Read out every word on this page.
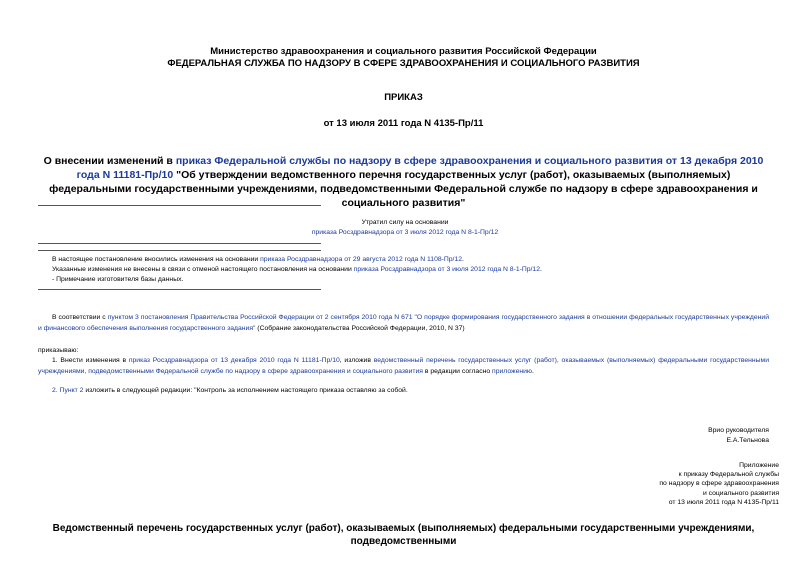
Министерство здравоохранения и социального развития Российской Федерации
ФЕДЕРАЛЬНАЯ СЛУЖБА ПО НАДЗОРУ В СФЕРЕ ЗДРАВООХРАНЕНИЯ И СОЦИАЛЬНОГО РАЗВИТИЯ
ПРИКАЗ
от 13 июля 2011 года N 4135-Пр/11
О внесении изменений в приказ Федеральной службы по надзору в сфере здравоохранения и социального развития от 13 декабря 2010 года N 11181-Пр/10 "Об утверждении ведомственного перечня государственных услуг (работ), оказываемых (выполняемых) федеральными государственными учреждениями, подведомственными Федеральной службе по надзору в сфере здравоохранения и социального развития"
Утратил силу на основании
приказа Росздравнадзора от 3 июля 2012 года N 8-1-Пр/12
В настоящее постановление вносились изменения на основании приказа Росздравнадзора от 29 августа 2012 года N 1108-Пр/12.
Указанные изменения не внесены в связи с отменой настоящего постановления на основании приказа Росздравнадзора от 3 июля 2012 года N 8-1-Пр/12.
- Примечание изготовителя базы данных.
В соответствии с пунктом 3 постановления Правительства Российской Федерации от 2 сентября 2010 года N 671 "О порядке формирования государственного задания в отношении федеральных государственных учреждений и финансового обеспечения выполнения государственного задания" (Собрание законодательства Российской Федерации, 2010, N 37)
приказываю:
1. Внести изменения в приказ Росздравнадзора от 13 декабря 2010 года N 11181-Пр/10, изложив ведомственный перечень государственных услуг (работ), оказываемых (выполняемых) федеральными государственными учреждениями, подведомственными Федеральной службе по надзору в сфере здравоохранения и социального развития в редакции согласно приложению.
2. Пункт 2 изложить в следующей редакции: "Контроль за исполнением настоящего приказа оставляю за собой.
Врио руководителя
Е.А.Тельнова
Приложение
к приказу Федеральной службы
по надзору в сфере здравоохранения
и социального развития
от 13 июля 2011 года N 4135-Пр/11
Ведомственный перечень государственных услуг (работ), оказываемых (выполняемых) федеральными государственными учреждениями, подведомственными
